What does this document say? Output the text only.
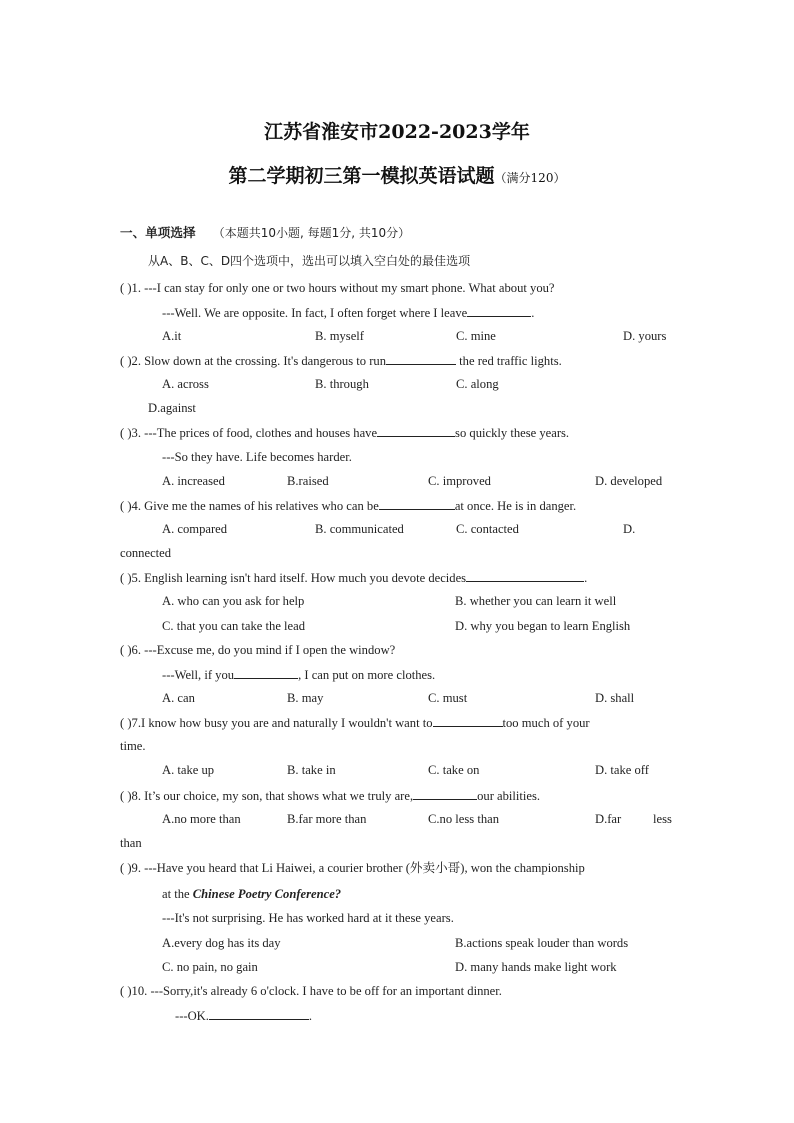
江苏省淮安市2022-2023学年
第二学期初三第一模拟英语试题（满分120）
一、单项选择 （本题共10小题, 每题1分, 共10分）
从A、B、C、D四个选项中，选出可以填入空白处的最佳选项
( )1. ---I can stay for only one or two hours without my smart phone. What about you?
---Well. We are opposite. In fact, I often forget where I leave	.
A.it	B. myself	C. mine	D. yours
( )2. Slow down at the crossing. It's dangerous to run	the red traffic lights.
A. across	B. through	C. along
D.against
( )3. ---The prices of food, clothes and houses have	so quickly these years.
---So they have. Life becomes harder.
A. increased	B.raised	C. improved	D. developed
( )4. Give me the names of his relatives who can be	at once. He is in danger.
A. compared	B. communicated	C. contacted	D.
connected
( )5. English learning isn't hard itself. How much you devote decides	.
A. who can you ask for help	B. whether you can learn it well
C. that you can take the lead	D. why you began to learn English
( )6. ---Excuse me, do you mind if I open the window?
---Well, if you	, I can put on more clothes.
A. can	B. may	C. must	D. shall
( )7.I know how busy you are and naturally I wouldn't want to	too much of your
time.
A. take up	B. take in	C. take on	D. take off
( )8. It’s our choice, my son, that shows what we truly are,	our abilities.
A.no more than	B.far more than	C.no less than	D.far	less
than
( )9. ---Have you heard that Li Haiwei, a courier brother (外卖小哥), won the championship
at the Chinese Poetry Conference?
---It's not surprising. He has worked hard at it these years.
A.every dog has its day	B.actions speak louder than words
C. no pain, no gain	D. many hands make light work
( )10. ---Sorry,it's already 6 o'clock. I have to be off for an important dinner.
---OK.	.
